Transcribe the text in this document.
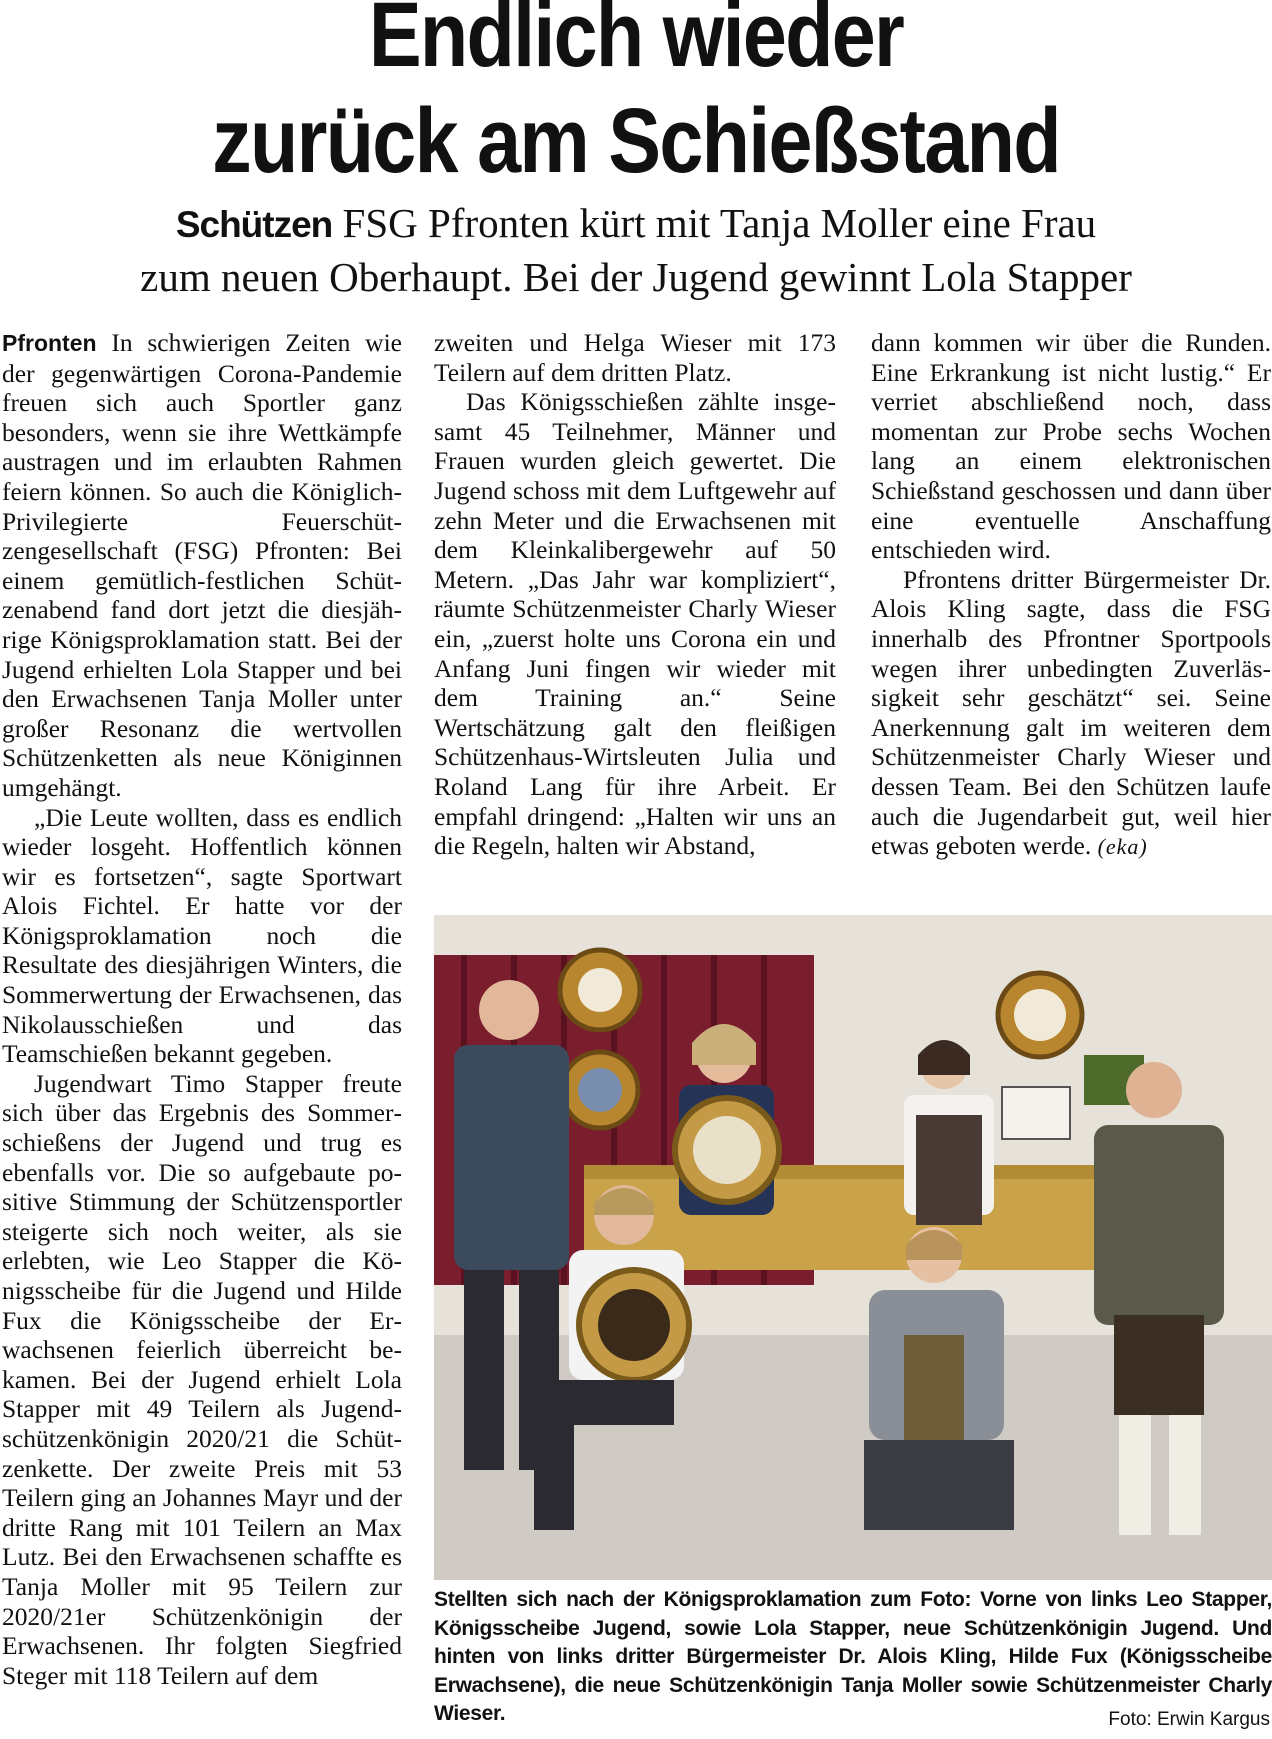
Endlich wieder
zurück am Schießstand
Schützen FSG Pfronten kürt mit Tanja Moller eine Frau
zum neuen Oberhaupt. Bei der Jugend gewinnt Lola Stapper

Pfronten In schwierigen Zeiten wie der gegenwärtigen Corona-Pandemie freuen sich auch Sportler ganz besonders, wenn sie ihre Wettkämpfe austragen und im erlaubten Rahmen feiern können. So auch die Königlich-Privilegierte Feuerschützengesellschaft (FSG) Pfronten: Bei einem gemütlich-festlichen Schützenabend fand dort jetzt die diesjährige Königsproklamation statt. Bei der Jugend erhielten Lola Stapper und bei den Erwachsenen Tanja Moller unter großer Resonanz die wertvollen Schützenketten als neue Königinnen umgehängt.

„Die Leute wollten, dass es endlich wieder losgeht. Hoffentlich können wir es fortsetzen“, sagte Sportwart Alois Fichtel. Er hatte vor der Königsproklamation noch die Resultate des diesjährigen Winters, die Sommerwertung der Erwachsenen, das Nikolausschießen und das Teamschießen bekannt gegeben.

Jugendwart Timo Stapper freute sich über das Ergebnis des Sommerschießens der Jugend und trug es ebenfalls vor. Die so aufgebaute positive Stimmung der Schützensportler steigerte sich noch weiter, als sie erlebten, wie Leo Stapper die Königsscheibe für die Jugend und Hilde Fux die Königsscheibe der Erwachsenen feierlich überreicht bekamen. Bei der Jugend erhielt Lola Stapper mit 49 Teilern als Jugendschützenkönigin 2020/21 die Schützenkette. Der zweite Preis mit 53 Teilern ging an Johannes Mayr und der dritte Rang mit 101 Teilern an Max Lutz. Bei den Erwachsenen schaffte es Tanja Moller mit 95 Teilern zur 2020/21er Schützenkönigin der Erwachsenen. Ihr folgten Siegfried Steger mit 118 Teilern auf dem

zweiten und Helga Wieser mit 173 Teilern auf dem dritten Platz.

Das Königsschießen zählte insgesamt 45 Teilnehmer, Männer und Frauen wurden gleich gewertet. Die Jugend schoss mit dem Luftgewehr auf zehn Meter und die Erwachsenen mit dem Kleinkalibergewehr auf 50 Metern. „Das Jahr war kompliziert“, räumte Schützenmeister Charly Wieser ein, „zuerst holte uns Corona ein und Anfang Juni fingen wir wieder mit dem Training an.“ Seine Wertschätzung galt den fleißigen Schützenhaus-Wirtsleuten Julia und Roland Lang für ihre Arbeit. Er empfahl dringend: „Halten wir uns an die Regeln, halten wir Abstand,

dann kommen wir über die Runden. Eine Erkrankung ist nicht lustig.“ Er verriet abschließend noch, dass momentan zur Probe sechs Wochen lang an einem elektronischen Schießstand geschossen und dann über eine eventuelle Anschaffung entschieden wird.

Pfrontens dritter Bürgermeister Dr. Alois Kling sagte, dass die FSG innerhalb des Pfrontner Sportpools wegen ihrer unbedingten Zuverlässigkeit sehr geschätzt“ sei. Seine Anerkennung galt im weiteren dem Schützenmeister Charly Wieser und dessen Team. Bei den Schützen laufe auch die Jugendarbeit gut, weil hier etwas geboten werde. (eka)

Stellten sich nach der Königsproklamation zum Foto: Vorne von links Leo Stapper, Königsscheibe Jugend, sowie Lola Stapper, neue Schützenkönigin Jugend. Und hinten von links dritter Bürgermeister Dr. Alois Kling, Hilde Fux (Königsscheibe Erwachsene), die neue Schützenkönigin Tanja Moller sowie Schützenmeister Charly Wieser.	Foto: Erwin Kargus
